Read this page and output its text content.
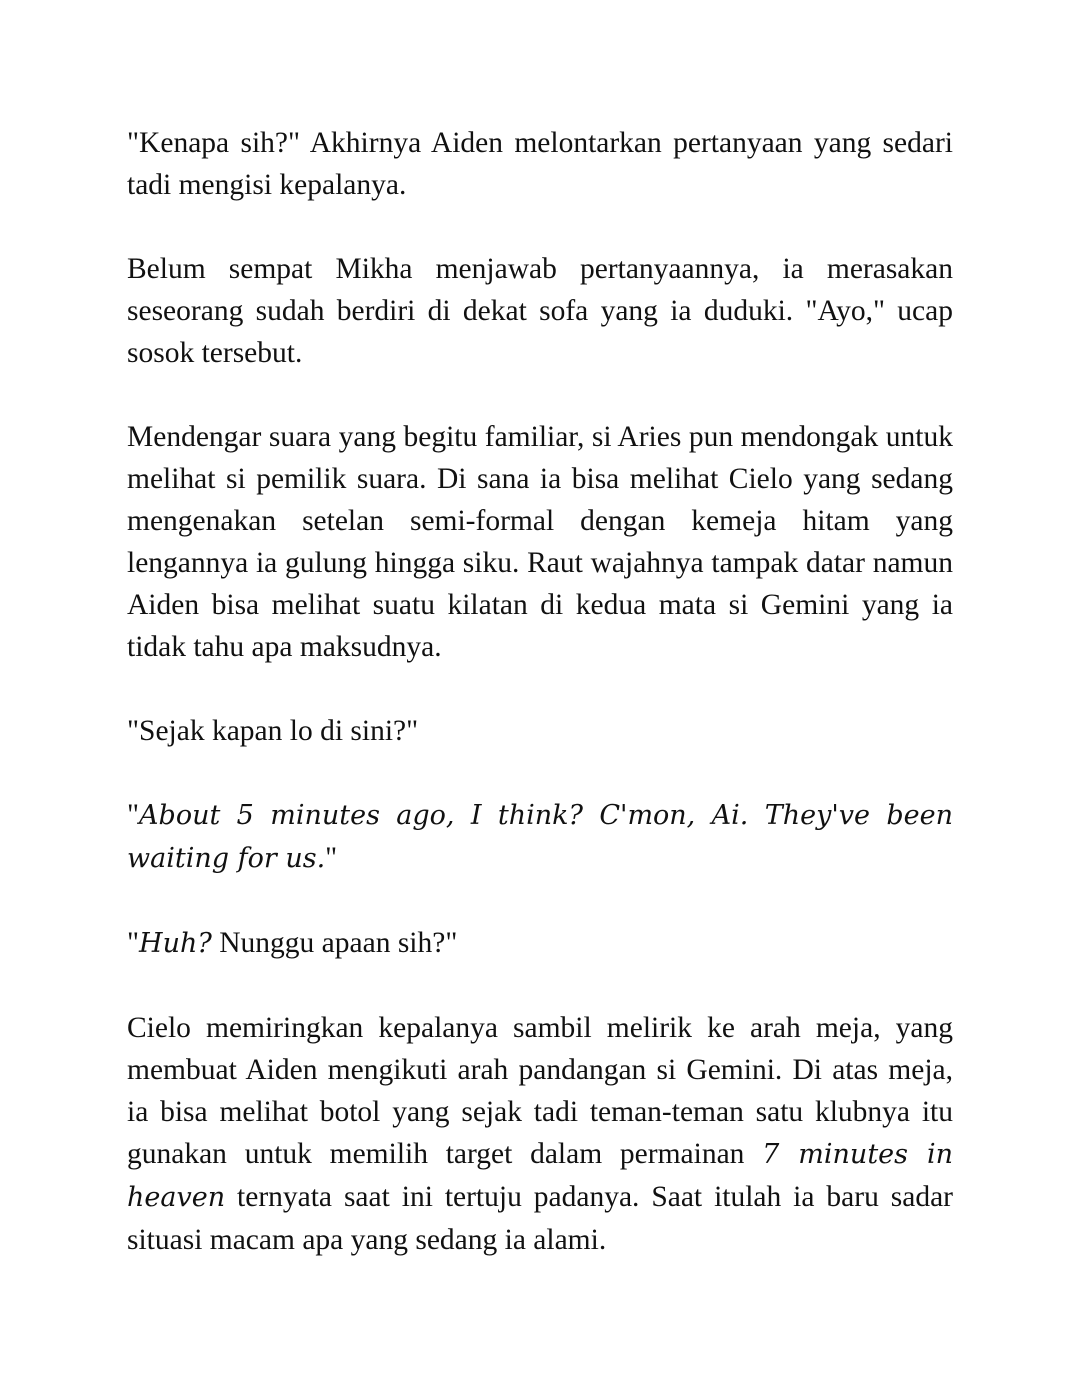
"Kenapa sih?" Akhirnya Aiden melontarkan pertanyaan yang sedari tadi mengisi kepalanya.

Belum sempat Mikha menjawab pertanyaannya, ia merasakan seseorang sudah berdiri di dekat sofa yang ia duduki. "Ayo," ucap sosok tersebut.

Mendengar suara yang begitu familiar, si Aries pun mendongak untuk melihat si pemilik suara. Di sana ia bisa melihat Cielo yang sedang mengenakan setelan semi-formal dengan kemeja hitam yang lengannya ia gulung hingga siku. Raut wajahnya tampak datar namun Aiden bisa melihat suatu kilatan di kedua mata si Gemini yang ia tidak tahu apa maksudnya.

"Sejak kapan lo di sini?"

"About 5 minutes ago, I think? C'mon, Ai. They've been waiting for us."

"Huh? Nunggu apaan sih?"

Cielo memiringkan kepalanya sambil melirik ke arah meja, yang membuat Aiden mengikuti arah pandangan si Gemini. Di atas meja, ia bisa melihat botol yang sejak tadi teman-teman satu klubnya itu gunakan untuk memilih target dalam permainan 7 minutes in heaven ternyata saat ini tertuju padanya. Saat itulah ia baru sadar situasi macam apa yang sedang ia alami.
